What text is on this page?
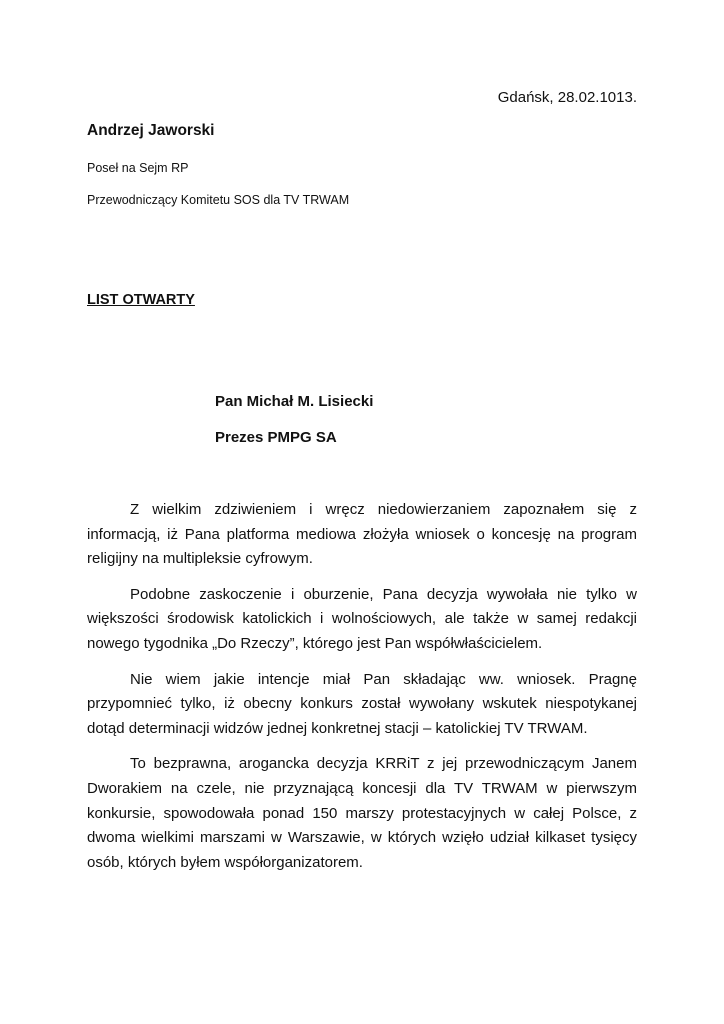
Gdańsk, 28.02.1013.
Andrzej Jaworski
Poseł na Sejm RP
Przewodniczący Komitetu SOS dla TV TRWAM
LIST OTWARTY
Pan Michał M. Lisiecki
Prezes PMPG SA

Z wielkim zdziwieniem i wręcz niedowierzaniem zapoznałem się z informacją, iż Pana platforma mediowa złożyła wniosek o koncesję na program religijny na multipleksie cyfrowym.

Podobne zaskoczenie i oburzenie, Pana decyzja wywołała nie tylko w większości środowisk katolickich i wolnościowych, ale także w samej redakcji nowego tygodnika „Do Rzeczy”, którego jest Pan współwłaścicielem.

Nie wiem jakie intencje miał Pan składając ww. wniosek. Pragnę przypomnieć tylko, iż obecny konkurs został wywołany wskutek niespotykanej dotąd determinacji widzów jednej konkretnej stacji – katolickiej TV TRWAM.

To bezprawna, arogancka decyzja KRRiT z jej przewodniczącym Janem Dworakiem na czele, nie przyznającą koncesji dla TV TRWAM w pierwszym konkursie, spowodowała ponad 150 marszy protestacyjnych w całej Polsce, z dwoma wielkimi marszami w Warszawie, w których wzięło udział kilkaset tysięcy osób, których byłem współorganizatorem.
